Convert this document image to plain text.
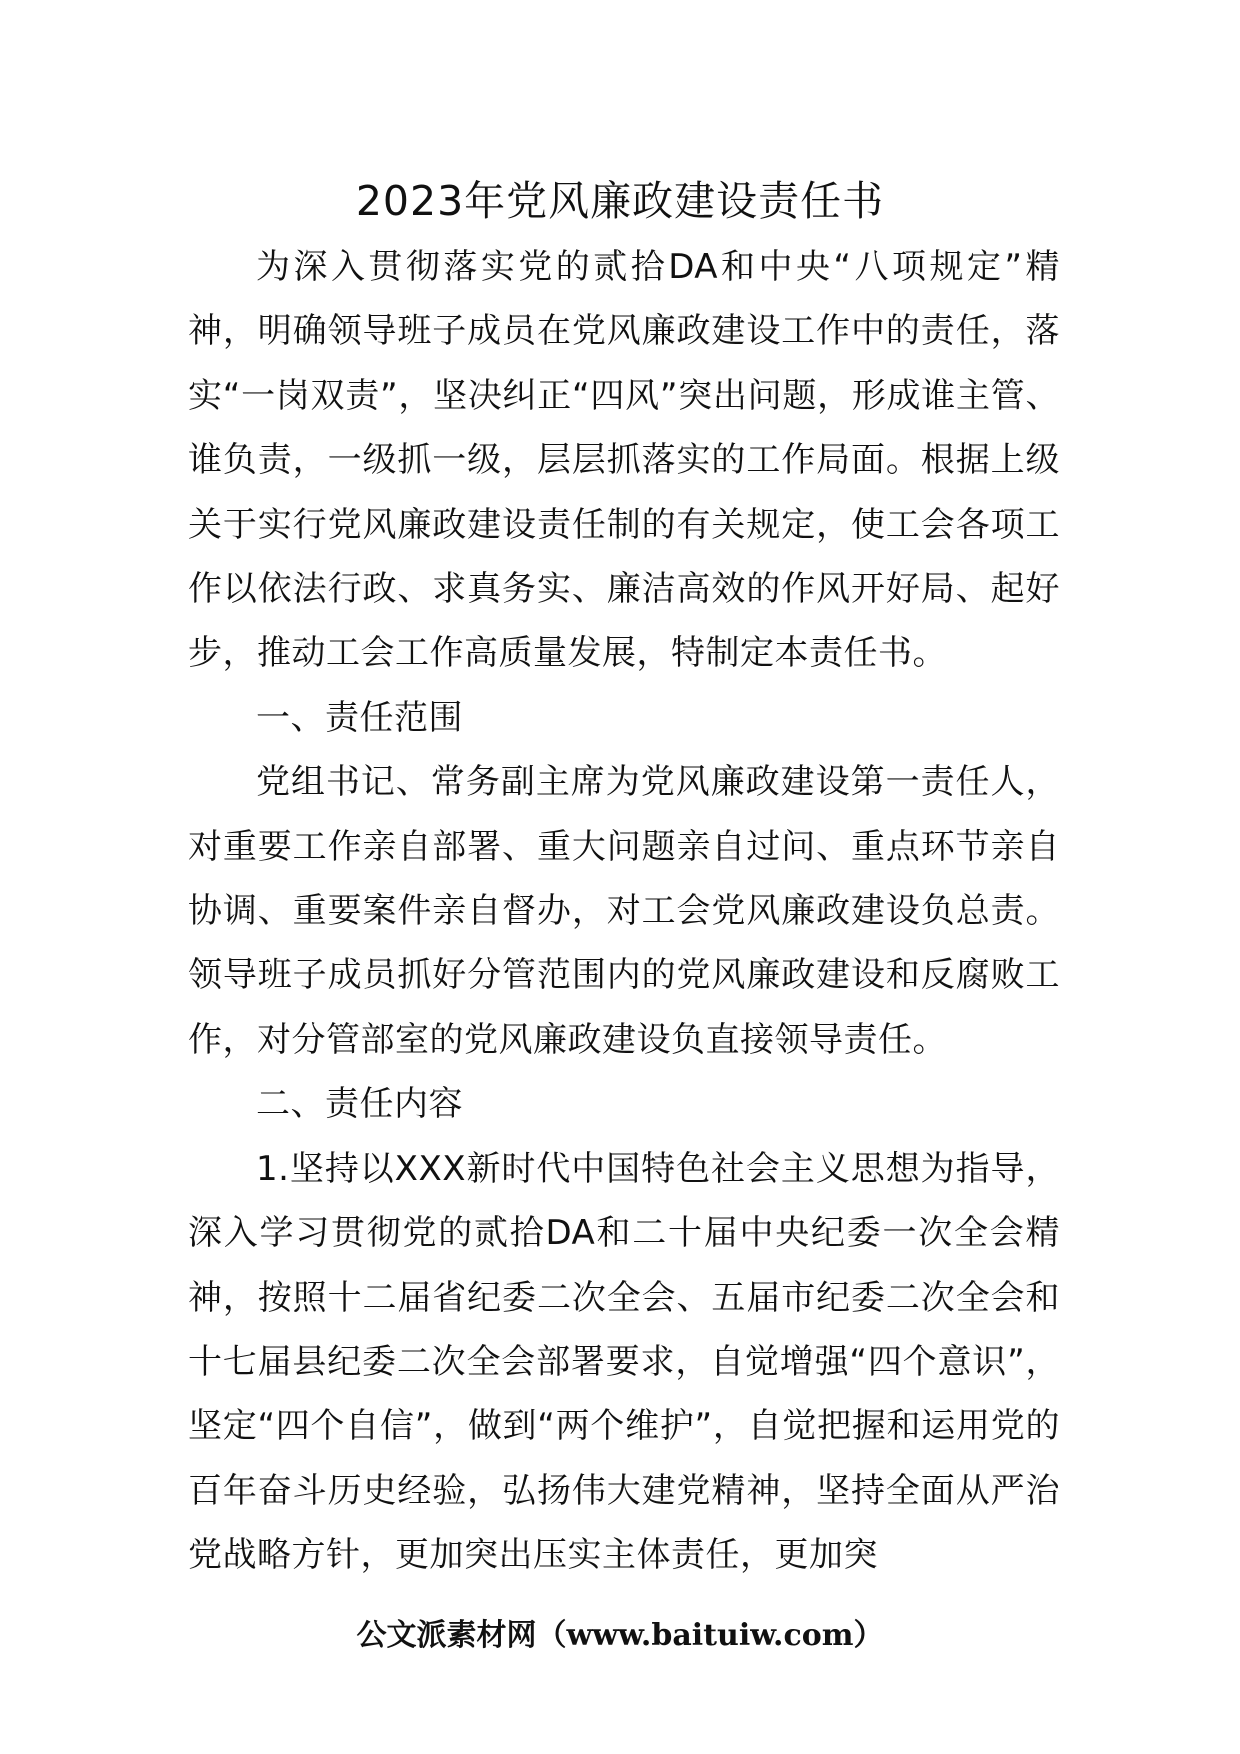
2023年党风廉政建设责任书

为深入贯彻落实党的贰拾DA和中央“八项规定”精神，明确领导班子成员在党风廉政建设工作中的责任，落实“一岗双责”，坚决纠正“四风”突出问题，形成谁主管、谁负责，一级抓一级，层层抓落实的工作局面。根据上级关于实行党风廉政建设责任制的有关规定，使工会各项工作以依法行政、求真务实、廉洁高效的作风开好局、起好步，推动工会工作高质量发展，特制定本责任书。

一、责任范围

党组书记、常务副主席为党风廉政建设第一责任人，对重要工作亲自部署、重大问题亲自过问、重点环节亲自协调、重要案件亲自督办，对工会党风廉政建设负总责。领导班子成员抓好分管范围内的党风廉政建设和反腐败工作，对分管部室的党风廉政建设负直接领导责任。

二、责任内容

1.坚持以XXX新时代中国特色社会主义思想为指导，深入学习贯彻党的贰拾DA和二十届中央纪委一次全会精神，按照十二届省纪委二次全会、五届市纪委二次全会和十七届县纪委二次全会部署要求，自觉增强“四个意识”，坚定“四个自信”，做到“两个维护”，自觉把握和运用党的百年奋斗历史经验，弘扬伟大建党精神，坚持全面从严治党战略方针，更加突出压实主体责任，更加突

公文派素材网（www.baituiw.com）
